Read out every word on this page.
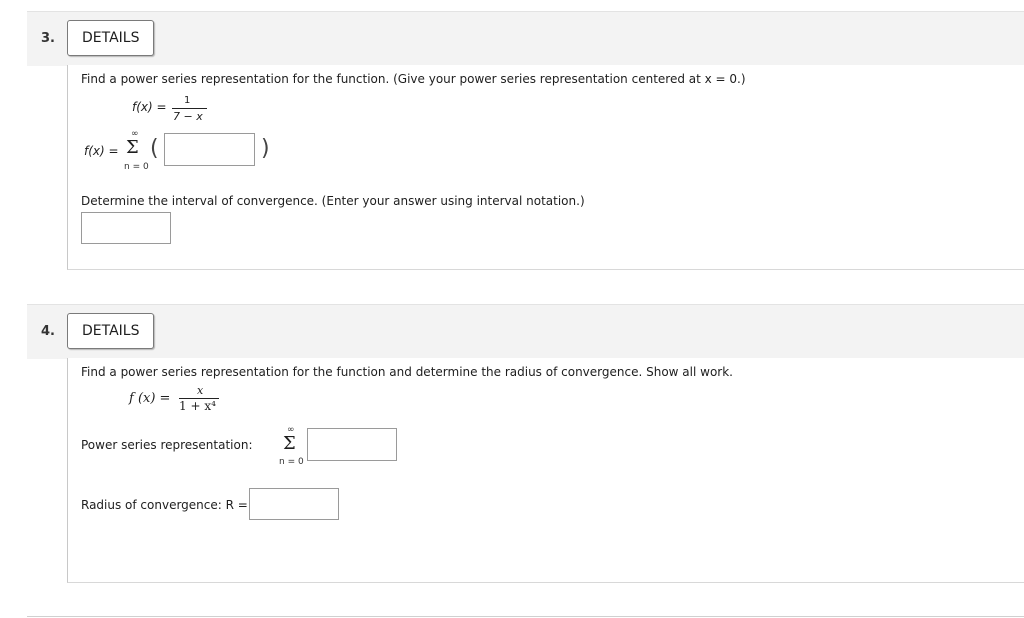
3.	DETAILS
Find a power series representation for the function. (Give your power series representation centered at x = 0.)
f(x) = 1
7 − x
f(x) =
∞
Σ
n = 0
(	)
Determine the interval of convergence. (Enter your answer using interval notation.)
4.	DETAILS
Find a power series representation for the function and determine the radius of convergence. Show all work.
f (x) =
x
1 + x⁴
Power series representation:
∞
Σ
n = 0
Radius of convergence: R =
